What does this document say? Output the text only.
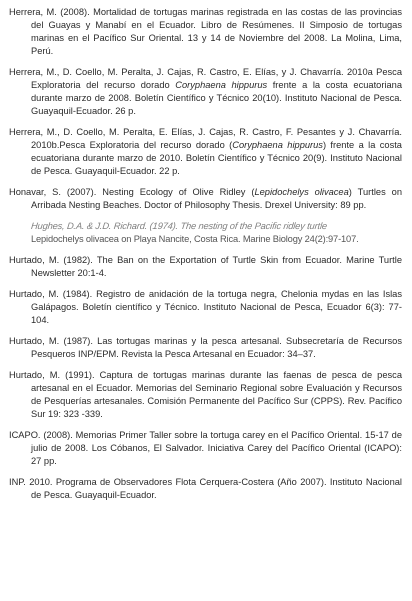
Herrera, M. (2008). Mortalidad de tortugas marinas registrada en las costas de las provincias del Guayas y Manabí en el Ecuador. Libro de Resúmenes. II Simposio de tortugas marinas en el Pacífico Sur Oriental. 13 y 14 de Noviembre del 2008. La Molina, Lima, Perú.

Herrera, M., D. Coello, M. Peralta, J. Cajas, R. Castro, E. Elías, y J. Chavarría. 2010a Pesca Exploratoria del recurso dorado Coryphaena hippurus frente a la costa ecuatoriana durante marzo de 2008. Boletín Científico y Técnico 20(10). Instituto Nacional de Pesca. Guayaquil-Ecuador. 26 p.

Herrera, M., D. Coello, M. Peralta, E. Elías, J. Cajas, R. Castro, F. Pesantes y J. Chavarría. 2010b.Pesca Exploratoria del recurso dorado (Coryphaena hippurus) frente a la costa ecuatoriana durante marzo de 2010. Boletín Científico y Técnico 20(9). Instituto Nacional de Pesca. Guayaquil-Ecuador. 22 p.

Honavar, S. (2007). Nesting Ecology of Olive Ridley (Lepidochelys olivacea) Turtles on Arribada Nesting Beaches. Doctor of Philosophy Thesis. Drexel University: 89 pp.

Hughes, D.A. & J.D. Richard. (1974). The nesting of the Pacific ridley turtle
Lepidochelys olivacea on Playa Nancite, Costa Rica. Marine Biology 24(2):97-107.

Hurtado, M. (1982). The Ban on the Exportation of Turtle Skin from Ecuador. Marine Turtle Newsletter 20:1-4.

Hurtado, M. (1984). Registro de anidación de la tortuga negra, Chelonia mydas en las Islas Galápagos. Boletín científico y Técnico. Instituto Nacional de Pesca, Ecuador 6(3): 77-104.

Hurtado, M. (1987). Las tortugas marinas y la pesca artesanal. Subsecretaría de Recursos Pesqueros INP/EPM. Revista la Pesca Artesanal en Ecuador: 34–37.

Hurtado, M. (1991). Captura de tortugas marinas durante las faenas de pesca de pesca artesanal en el Ecuador. Memorias del Seminario Regional sobre Evaluación y Recursos de Pesquerías artesanales. Comisión Permanente del Pacífico Sur (CPPS). Rev. Pacífico Sur 19: 323 -339.

ICAPO. (2008). Memorias Primer Taller sobre la tortuga carey en el Pacífico Oriental. 15-17 de julio de 2008. Los Cóbanos, El Salvador. Iniciativa Carey del Pacífico Oriental (ICAPO): 27 pp.

INP. 2010. Programa de Observadores Flota Cerquera-Costera (Año 2007). Instituto Nacional de Pesca. Guayaquil-Ecuador.
